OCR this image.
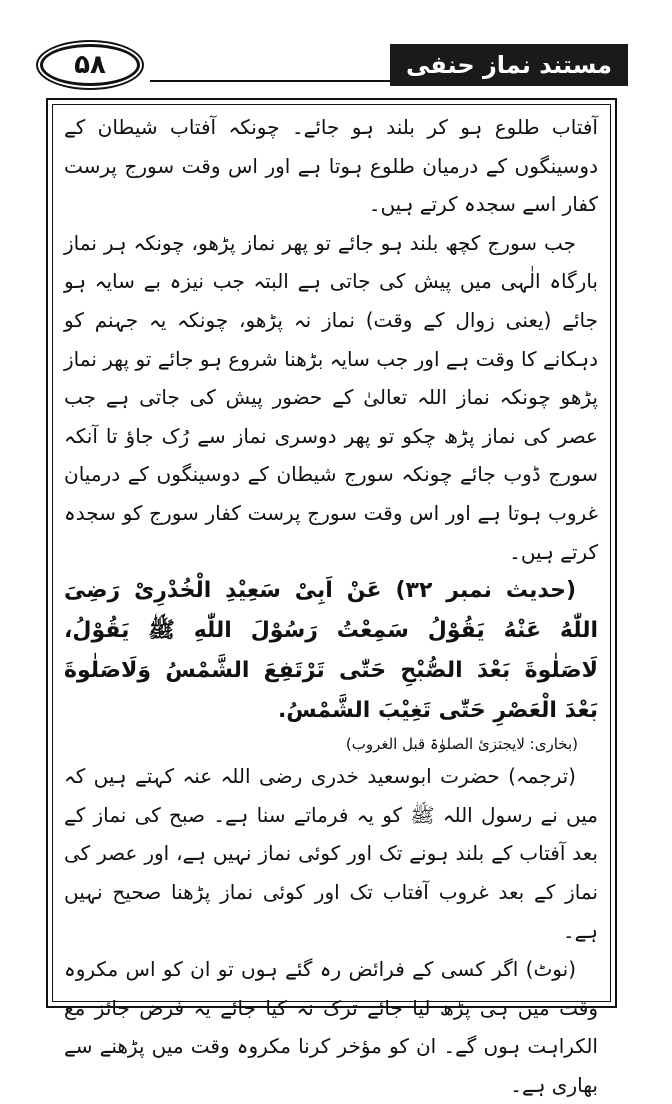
۵۸	مستند نماز حنفی

آفتاب طلوع ہو کر بلند ہو جائے۔ چونکہ آفتاب شیطان کے دوسینگوں کے درمیان طلوع ہوتا ہے اور اس وقت سورج پرست کفار اسے سجدہ کرتے ہیں۔

جب سورج کچھ بلند ہو جائے تو پھر نماز پڑھو، چونکہ ہر نماز بارگاہ الٰہی میں پیش کی جاتی ہے البتہ جب نیزہ بے سایہ ہو جائے (یعنی زوال کے وقت) نماز نہ پڑھو، چونکہ یہ جہنم کو دہکانے کا وقت ہے اور جب سایہ بڑھنا شروع ہو جائے تو پھر نماز پڑھو چونکہ نماز اللہ تعالیٰ کے حضور پیش کی جاتی ہے جب عصر کی نماز پڑھ چکو تو پھر دوسری نماز سے رُک جاؤ تا آنکہ سورج ڈوب جائے چونکہ سورج شیطان کے دوسینگوں کے درمیان غروب ہوتا ہے اور اس وقت سورج پرست کفار سورج کو سجدہ کرتے ہیں۔

(حدیث نمبر ۳۲) عَنْ اَبِیْ سَعِیْدِ الْخُدْرِیْ رَضِیَ اللّٰهُ عَنْهُ یَقُوْلُ سَمِعْتُ رَسُوْلَ اللّٰهِ ﷺ یَقُوْلُ، لَاصَلٰوةَ بَعْدَ الصُّبْحِ حَتّٰی تَرْتَفِعَ الشَّمْسُ وَلَاصَلٰوةَ بَعْدَ الْعَصْرِ حَتّٰی تَغِیْبَ الشَّمْسُ.

(بخاری: لایجتزیٔ الصلوٰۃ قبل الغروب)

(ترجمہ) حضرت ابوسعید خدری رضی اللہ عنہ کہتے ہیں کہ میں نے رسول اللہ ﷺ کو یہ فرماتے سنا ہے۔ صبح کی نماز کے بعد آفتاب کے بلند ہونے تک اور کوئی نماز نہیں ہے، اور عصر کی نماز کے بعد غروب آفتاب تک اور کوئی نماز پڑھنا صحیح نہیں ہے۔

(نوٹ) اگر کسی کے فرائض رہ گئے ہوں تو ان کو اس مکروہ وقت میں ہی پڑھ لیا جائے ترک نہ کیا جائے یہ فرض جائز مع الکراہت ہوں گے۔ ان کو مؤخر کرنا مکروہ وقت میں پڑھنے سے بھاری ہے۔
